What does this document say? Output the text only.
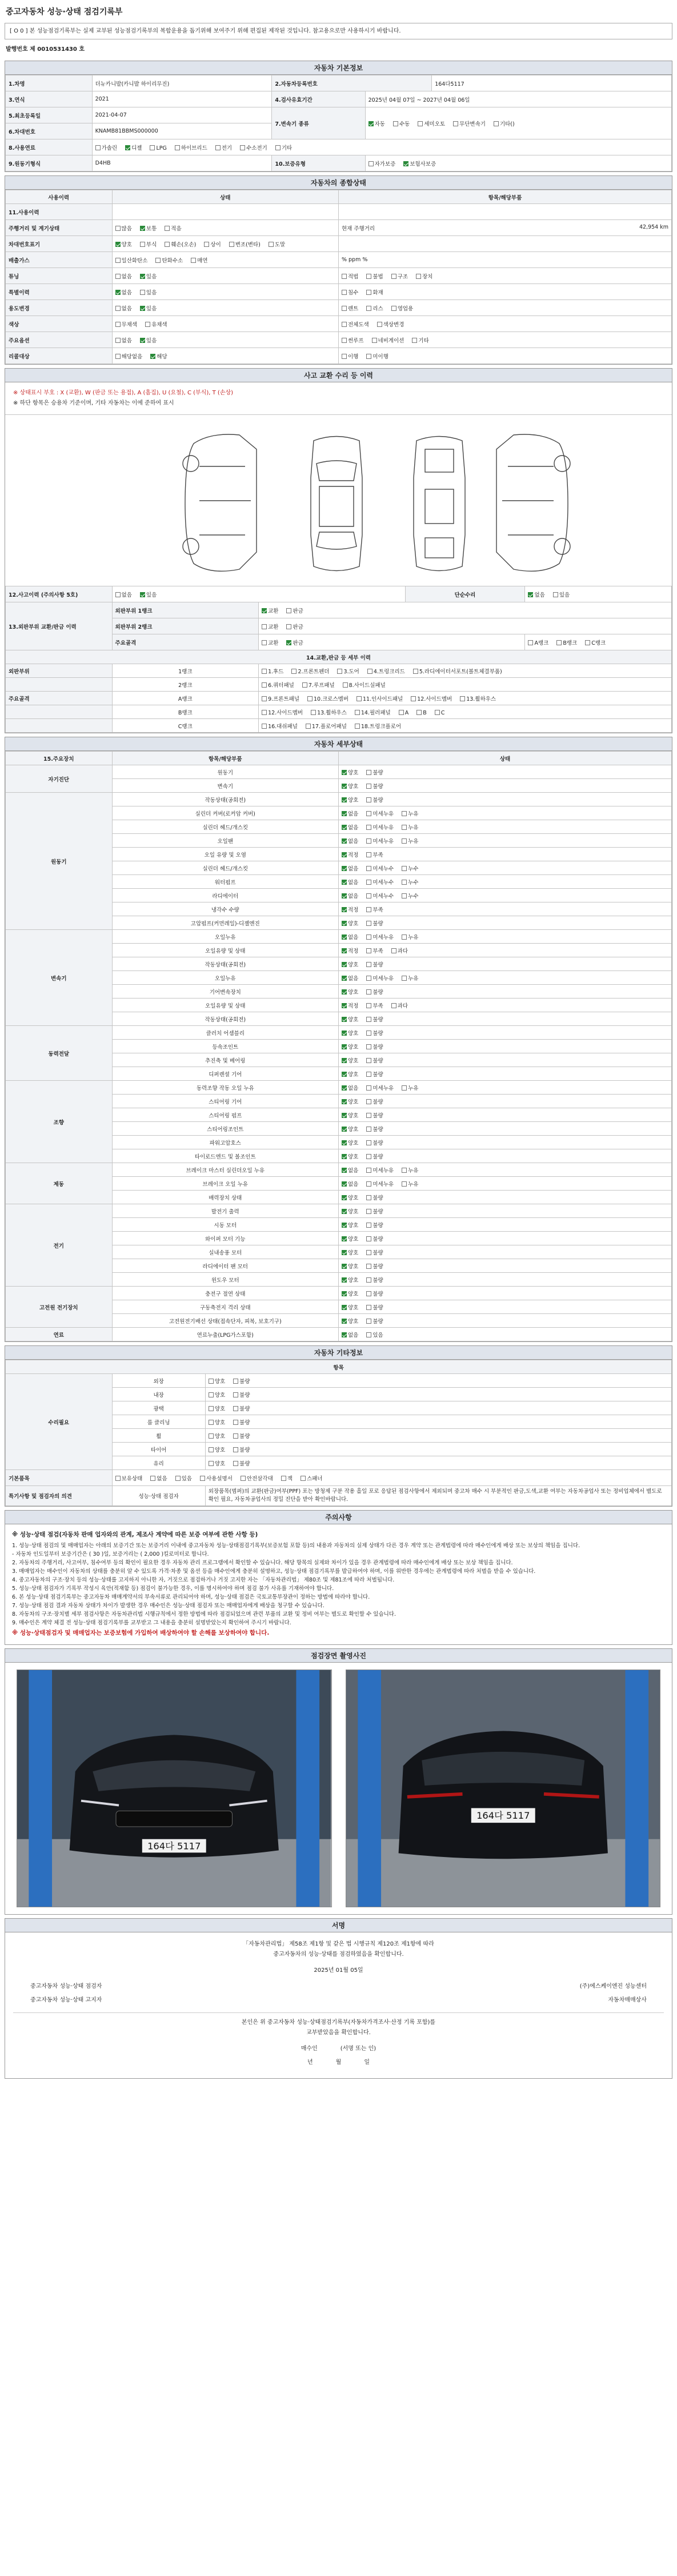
중고자동차 성능·상태 점검기록부
[ O 0 ] 본 성능점검기록부는 실제 교부된 성능점검기록부의 복합운용을 돕기위해 보여주기 위해 편집된 제작된 것입니다. 참고용으로만 사용하시기 바랍니다.
발행번호 제 0010531430 호
자동차 기본정보
1.차명	더뉴카니발(카니발 하이리무진)	2.자동차등록번호		164다5117
3.연식	2021	4.검사유효기간	2025년 04월 07일 ~ 2027년 04월 06일	
5.최초등록일	2021-04-07	7.변속기 종류	자동 수동 세미오토 무단변속기 기타()	
6.차대번호	KNAMB81BBMS000000			
8.사용연료	가솔린 디젤 LPG 하이브리드 전기 수소전기 기타			
9.원동기형식	D4HB	10.보증유형	자가보증 보험사보증	
자동차의 종합상태
사용이력	상태	항목/해당부품
11.사용이력		
주행거리 및 계기상태	많음 보통 적음	현재 주행거리 42,954 km

차대번호표기	양호 부식 훼손(오손) 상이 변조(변타) 도말	
배출가스	일산화탄소 탄화수소 매연	% ppm %
튜닝	없음 있음	적법 불법 구조 장치
특별이력	없음 있음	침수 화재
용도변경	없음 있음	렌트 리스 영업용
색상	무채색 유채색	전체도색 색상변경
주요옵션	없음 있음	썬루프 네비게이션 기타
리콜대상	해당없음 해당	이행 미이행
사고 교환 수리 등 이력
※ 상태표시 부호 : X (교환), W (판금 또는 용접), A (흠집), U (요철), C (부식), T (손상)
※ 하단 항목은 승용차 기준이며, 기타 자동차는 이에 준하여 표시
12.사고이력 (주의사항 5호)	없음 있음		단순수리	없음 있음
13.외판부위 교환/판금 이력	외판부위 1랭크	교환 판금		
	외판부위 2랭크	교환 판금		
	주요골격	교환 판금		A랭크 B랭크 C랭크
14.교환,판금 등 세부 이력				
외판부위	1랭크	1.후드 2.프론트펜더 3.도어 4.트렁크리드 5.라디에이터서포트(볼트체결부품)		
	2랭크	6.쿼터패널 7.루프패널 8.사이드실패널		
주요골격	A랭크	9.프론트패널 10.크로스멤버 11.인사이드패널 12.사이드멤버 13.휠하우스		
	B랭크	12.사이드멤버 13.휠하우스 14.필러패널 A B C		
	C랭크	16.대쉬패널 17.플로어패널 18.트렁크플로어		
자동차 세부상태
15.주요장치	항목/해당부품	상태
자기진단	원동기	양호 불량
	변속기	양호 불량
원동기	작동상태(공회전)	양호 불량
	실린더 커버(로커암 커버)	없음 미세누유 누유
	실린더 헤드/개스킷	없음 미세누유 누유
	오일팬	없음 미세누유 누유
	오일 유량 및 오염	적정 부족
	실린더 헤드/개스킷	없음 미세누수 누수
	워터펌프	없음 미세누수 누수
	라디에이터	없음 미세누수 누수
	냉각수 수량	적정 부족
	고압펌프(커먼레일)-디젤엔진	양호 불량
변속기	오일누유	없음 미세누유 누유
	오일유량 및 상태	적정 부족 과다
	작동상태(공회전)	양호 불량
	오일누유	없음 미세누유 누유
	기어변속장치	양호 불량
	오일유량 및 상태	적정 부족 과다
	작동상태(공회전)	양호 불량
동력전달	클러치 어셈블리	양호 불량
	등속조인트	양호 불량
	추진축 및 베어링	양호 불량
	디퍼렌셜 기어	양호 불량
조향	동력조향 작동 오일 누유	없음 미세누유 누유
	스티어링 기어	양호 불량
	스티어링 펌프	양호 불량
	스티어링조인트	양호 불량
	파워고압호스	양호 불량
	타이로드엔드 및 볼조인트	양호 불량
제동	브레이크 마스터 실린더오일 누유	없음 미세누유 누유
	브레이크 오일 누유	없음 미세누유 누유
	배력장치 상태	양호 불량
전기	발전기 출력	양호 불량
	시동 모터	양호 불량
	와이퍼 모터 기능	양호 불량
	실내송풍 모터	양호 불량
	라디에이터 팬 모터	양호 불량
	윈도우 모터	양호 불량
고전원 전기장치	충전구 절연 상태	양호 불량
	구동축전지 격리 상태	양호 불량
	고전원전기배선 상태(접속단자, 피복, 보호기구)	양호 불량
연료	연료누출(LPG가스포함)	없음 있음
자동차 기타정보
항목		
수리필요	외장	양호 불량
	내장	양호 불량
	광택	양호 불량
	룸 클리닝	양호 불량
	휠	양호 불량
	타이어	양호 불량
	유리	양호 불량
기본품목	보유상태 없음 있음 사용설명서 안전삼각대 잭 스패너	
특기사항 및 점검자의 의견	성능·상태 점검자	외장품목(범퍼)의 교환(판금)여부(PPF) 포는 방청제 구분 작용 흘일 포로 응답된 점검사항에서 제외되며 중고차 매수 시 부분적인 판금,도색,교환 여부는 자동차공업사 또는 정비업체에서 별도로 확인 필요, 자동차공업사의 정밀 진단을 받아 확인바랍니다.
주의사항
※ 성능·상태 점검(자동차 판매 업자와의 관계, 제조사 계약에 따른 보증 여부에 관한 사항 등)
1. 성능·상태 점검의 및 매매업자는 아래의 보증기간 또는 보증거리 이내에 중고자동차 성능·상태점검기록부(보증보험 포함 등)의 내용과 자동차의 실제 상태가 다른 경우 계약 또는 관계법령에 따라 매수인에게 배상 또는 보상의 책임을 집니다.
- 자동차 인도일부터 보증기간은 ( 30 )일, 보증거리는 ( 2,000 )킬로미터로 합니다.
2. 자동차의 주행거리, 사고여부, 침수여부 등의 확인이 필요한 경우 자동차 관리 프로그램에서 확인할 수 있습니다. 해당 항목의 실제와 차이가 있을 경우 관계법령에 따라 매수인에게 배상 또는 보상 책임을 집니다.
3. 매매업자는 매수인이 자동차의 상태를 충분히 알 수 있도록 가격·차종 및 옵션 등을 매수인에게 충분히 설명하고, 성능·상태 점검기록부를 발급하여야 하며, 이를 위반한 경우에는 관계법령에 따라 처벌을 받을 수 있습니다.
4. 중고자동차의 구조·장치 등의 성능·상태를 고지하지 아니한 자, 거짓으로 점검하거나 거짓 고지한 자는 「자동차관리법」 제80조 및 제81조에 따라 처벌됩니다.
5. 성능·상태 점검자가 기록부 작성시 육안(적재함 등) 점검이 불가능한 경우, 이를 명시하여야 하며 점검 불가 사유를 기재하여야 합니다.
6. 본 성능·상태 점검기록부는 중고자동차 매매계약서의 부속서류로 관리되어야 하며, 성능·상태 점검은 국토교통부장관이 정하는 방법에 따라야 합니다.
7. 성능·상태 점검 결과 자동차 상태가 차이가 발생한 경우 매수인은 성능·상태 점검자 또는 매매업자에게 배상을 청구할 수 있습니다.
8. 자동차의 구조·장치별 세부 점검사항은 자동차관리법 시행규칙에서 정한 방법에 따라 점검되었으며 관련 부품의 교환 및 정비 여부는 별도로 확인할 수 있습니다.
9. 매수인은 계약 체결 전 성능·상태 점검기록부를 교부받고 그 내용을 충분히 설명받았는지 확인하여 주시기 바랍니다.
※ 성능·상태점검자 및 매매업자는 보증보험에 가입하여 배상하여야 할 손해를 보상하여야 합니다.
점검장면 촬영사진
164다 5117
164다 5117
서명
「자동차관리법」 제58조 제1항 및 같은 법 시행규칙 제120조 제1항에 따라
중고자동차의 성능·상태를 점검하였음을 확인합니다.
2025년 01월 05일
중고자동차 성능·상태 점검자	(주)에스케이엔진 성능센터
중고자동차 성능·상태 고지자	자동차매매상사
본인은 위 중고자동차 성능·상태점검기록부(자동차가격조사·산정 기록 포함)를
교부받았음을 확인합니다.
매수인	(서명 또는 인)
년	월	일
